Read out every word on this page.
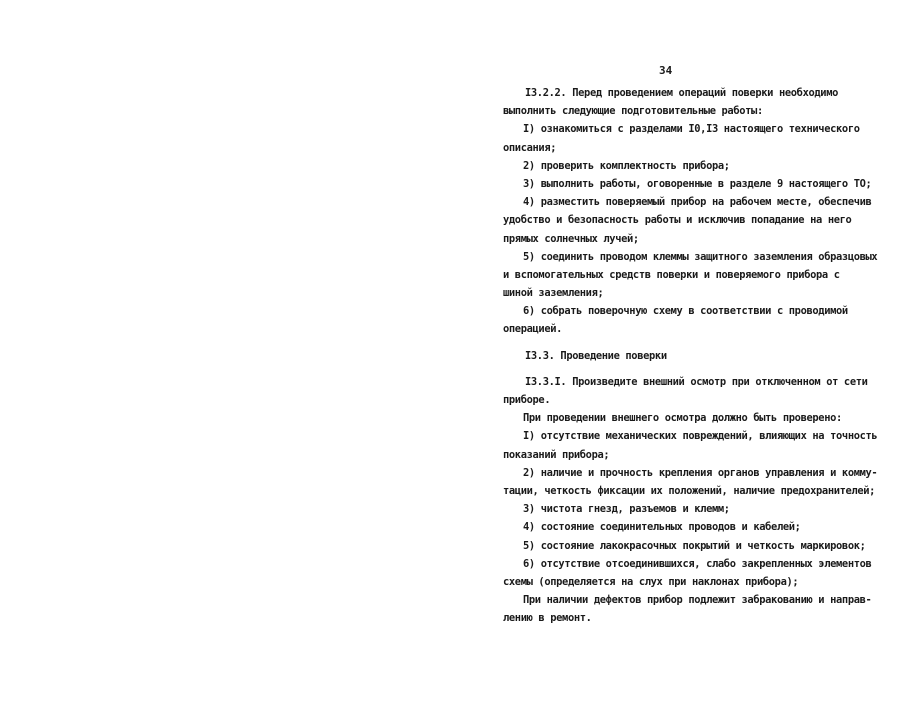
34
I3.2.2. Перед проведением операций поверки необходимо
выполнить следующие подготовительные работы:
I) ознакомиться с разделами I0,I3 настоящего технического
описания;
2) проверить комплектность прибора;
3) выполнить работы, оговоренные в разделе 9 настоящего ТО;
4) разместить поверяемый прибор на рабочем месте, обеспечив
удобство и безопасность работы и исключив попадание на него
прямых солнечных лучей;
5) соединить проводом клеммы защитного заземления образцовых
и вспомогательных средств поверки и поверяемого прибора с
шиной заземления;
6) собрать поверочную схему в соответствии с проводимой
операцией.
I3.3. Проведение поверки
I3.3.I. Произведите внешний осмотр при отключенном от сети
приборе.
При проведении внешнего осмотра должно быть проверено:
I) отсутствие механических повреждений, влияющих на точность
показаний прибора;
2) наличие и прочность крепления органов управления и комму-
тации, четкость фиксации их положений, наличие предохранителей;
3) чистота гнезд, разъемов и клемм;
4) состояние соединительных проводов и кабелей;
5) состояние лакокрасочных покрытий и четкость маркировок;
6) отсутствие отсоединившихся, слабо закрепленных элементов
схемы (определяется на слух при наклонах прибора);
При наличии дефектов прибор подлежит забракованию и направ-
лению в ремонт.
